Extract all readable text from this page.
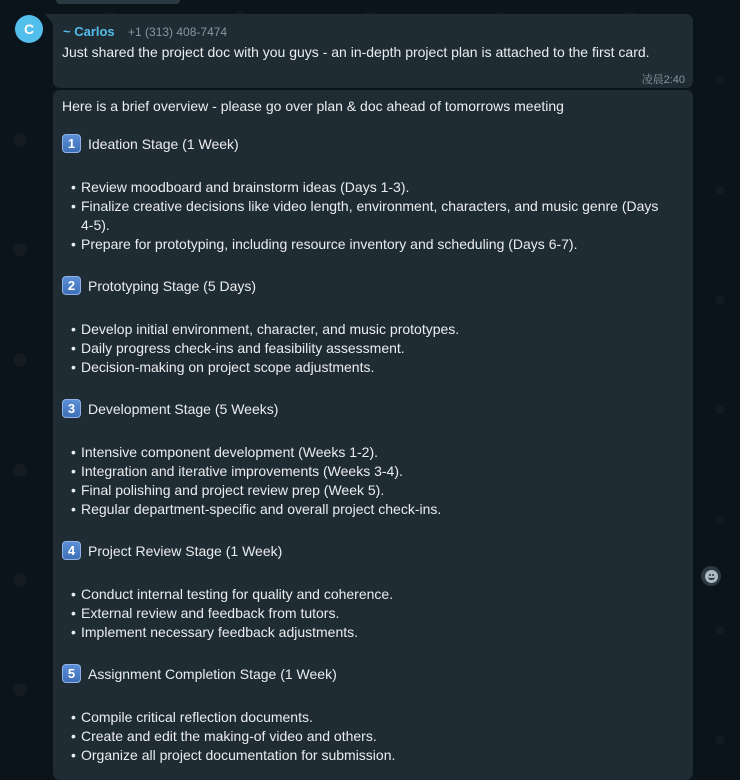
C	~ Carlos +1 (313) 408-7474
Just shared the project doc with you guys - an in-depth project plan is attached to the first card.
凌晨2:40
Here is a brief overview - please go over plan & doc ahead of tomorrows meeting
1 Ideation Stage (1 Week)
• Review moodboard and brainstorm ideas (Days 1-3).
• Finalize creative decisions like video length, environment, characters, and music genre (Days 4-5).
• Prepare for prototyping, including resource inventory and scheduling (Days 6-7).
2 Prototyping Stage (5 Days)
• Develop initial environment, character, and music prototypes.
• Daily progress check-ins and feasibility assessment.
• Decision-making on project scope adjustments.
3 Development Stage (5 Weeks)
• Intensive component development (Weeks 1-2).
• Integration and iterative improvements (Weeks 3-4).
• Final polishing and project review prep (Week 5).
• Regular department-specific and overall project check-ins.
4 Project Review Stage (1 Week)
• Conduct internal testing for quality and coherence.
• External review and feedback from tutors.
• Implement necessary feedback adjustments.
5 Assignment Completion Stage (1 Week)
• Compile critical reflection documents.
• Create and edit the making-of video and others.
• Organize all project documentation for submission.
